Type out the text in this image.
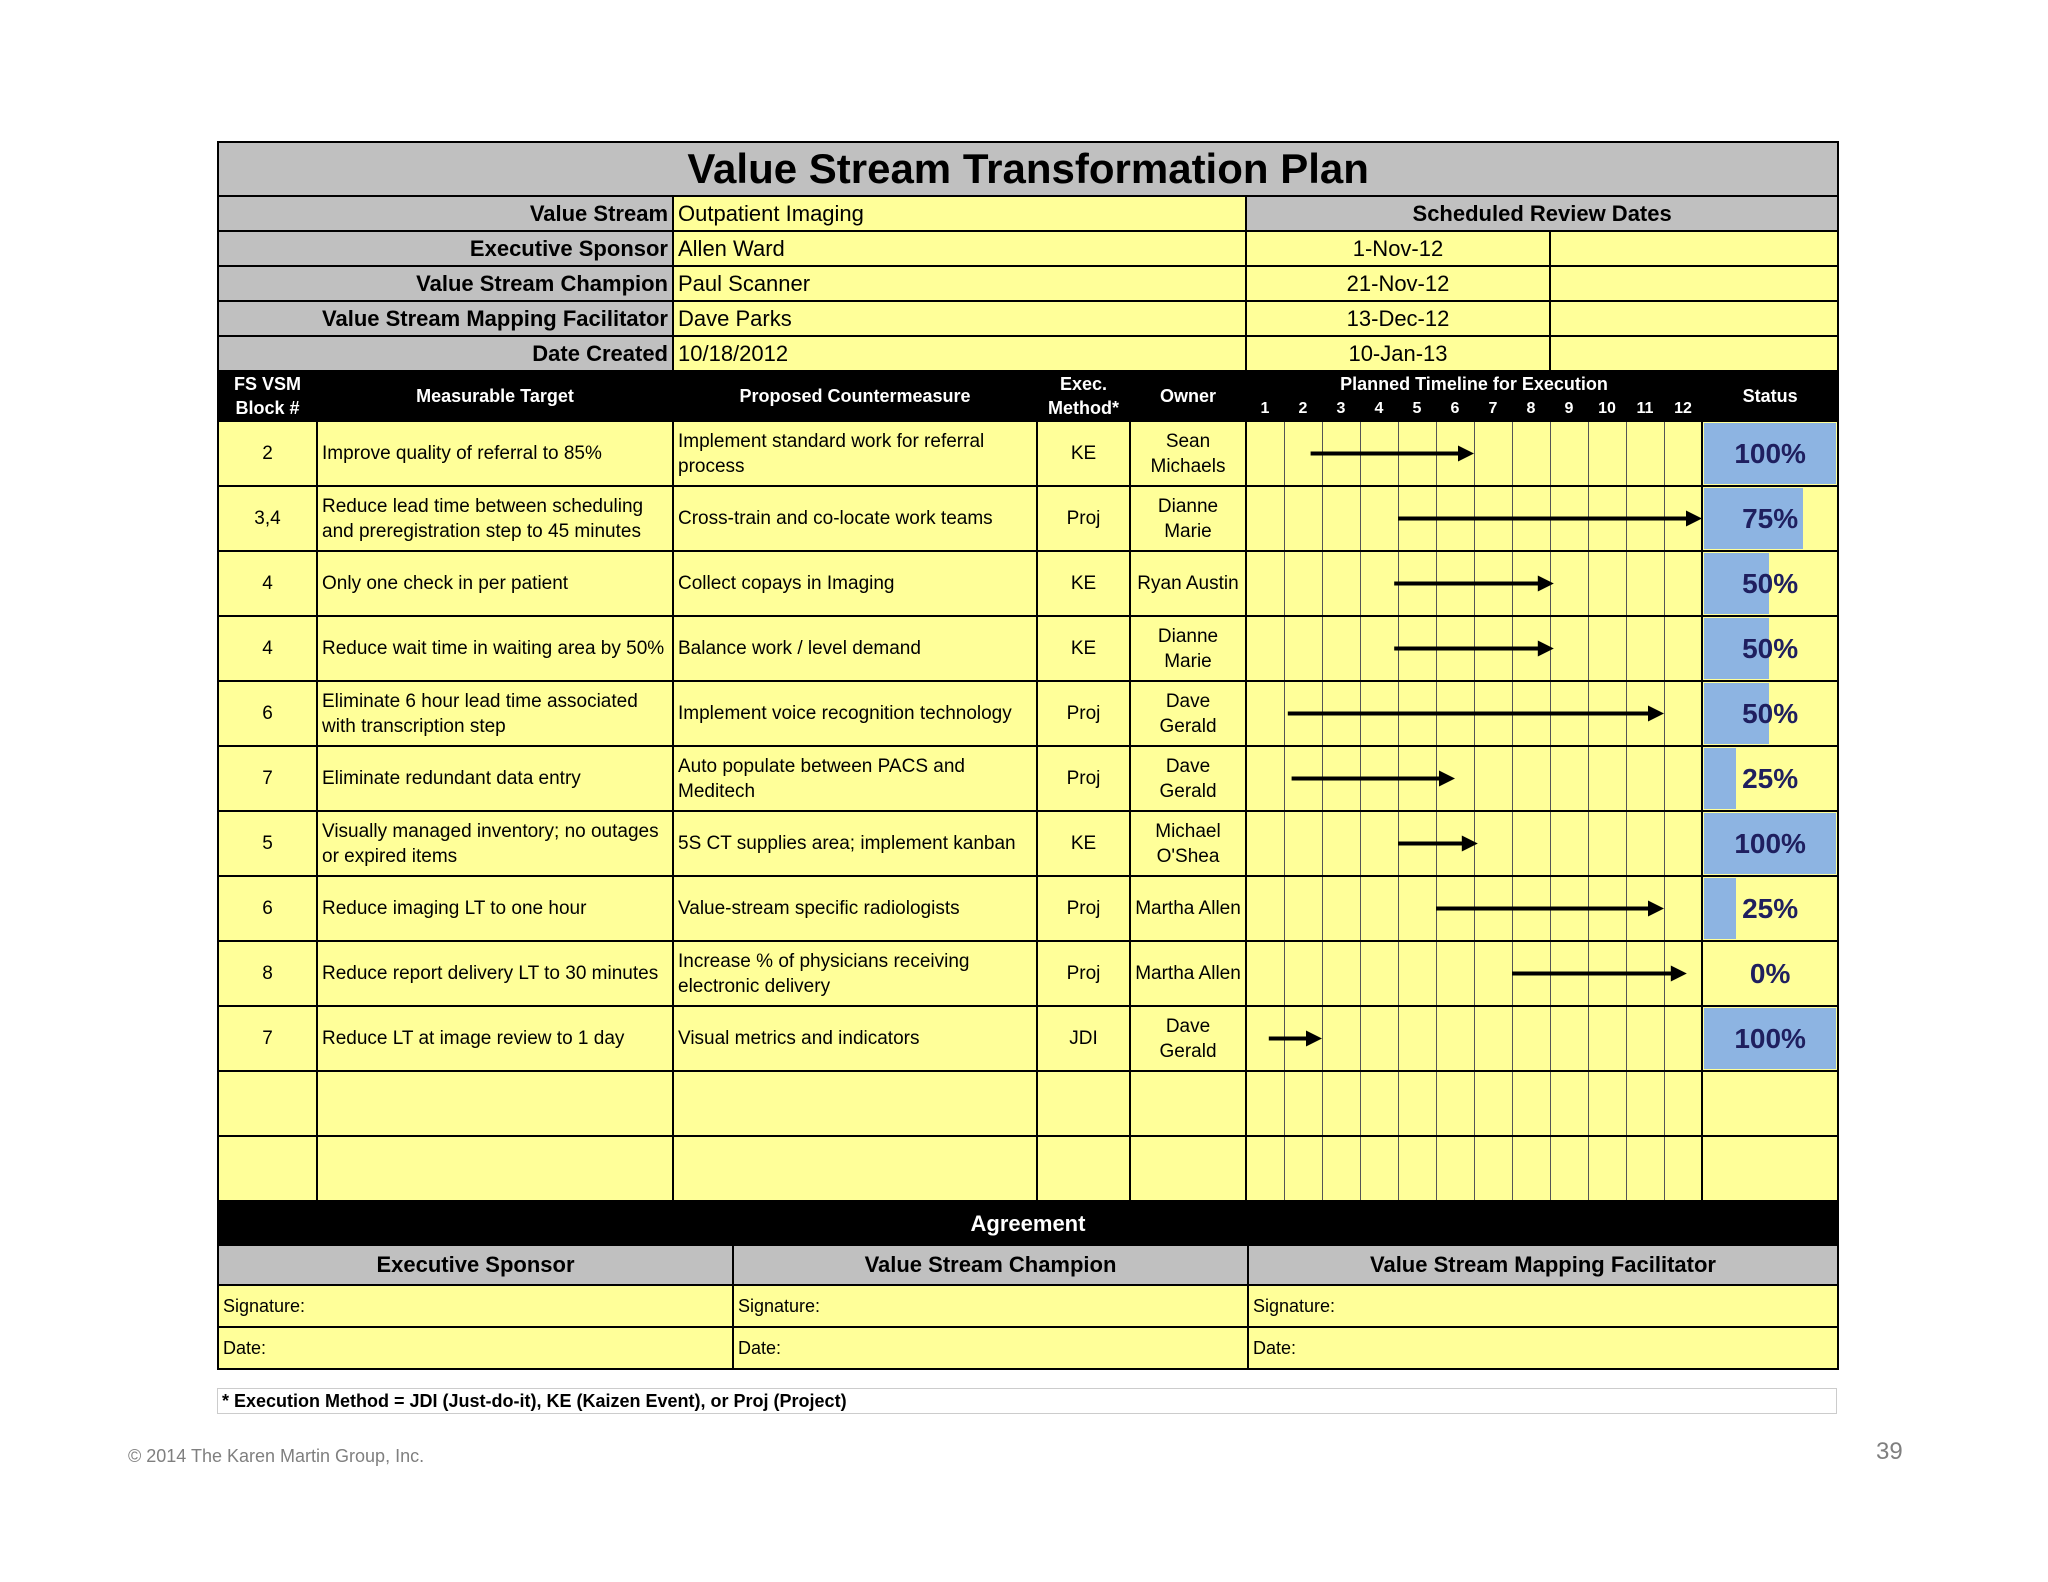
Value Stream Transformation Plan																	
Value Stream		Outpatient Imaging			Scheduled Review Dates												
Executive Sponsor		Allen Ward			1-Nov-12												
Value Stream Champion		Paul Scanner			21-Nov-12												
Value Stream Mapping Facilitator		Dave Parks			13-Dec-12												
Date Created		10/18/2012			10-Jan-13												
FS VSM Block #	Measurable Target	Proposed Countermeasure	Exec. Method*	Owner	Planned Timeline for Execution												Status
					1	2	3	4	5	6	7	8	9	10	11	12	
2	Improve quality of referral to 85%	Implement standard work for referral process	KE	Sean Michaels													100%

3,4	Reduce lead time between scheduling and preregistration step to 45 minutes	Cross-train and co-locate work teams	Proj	Dianne Marie													75%

4	Only one check in per patient	Collect copays in Imaging	KE	Ryan Austin													50%

4	Reduce wait time in waiting area by 50%	Balance work / level demand	KE	Dianne Marie													50%

6	Eliminate 6 hour lead time associated with transcription step	Implement voice recognition technology	Proj	Dave Gerald													50%

7	Eliminate redundant data entry	Auto populate between PACS and Meditech	Proj	Dave Gerald													25%

5	Visually managed inventory; no outages or expired items	5S CT supplies area; implement kanban	KE	Michael O'Shea													100%

6	Reduce imaging LT to one hour	Value-stream specific radiologists	Proj	Martha Allen													25%

8	Reduce report delivery LT to 30 minutes	Increase % of physicians receiving electronic delivery	Proj	Martha Allen													0%

7	Reduce LT at image review to 1 day	Visual metrics and indicators	JDI	Dave Gerald													100%

Agreement		
Executive Sponsor	Value Stream Champion	Value Stream Mapping Facilitator
Signature:	Signature:	Signature:
Date:	Date:	Date:
* Execution Method = JDI (Just-do-it), KE (Kaizen Event), or Proj (Project)
© 2014 The Karen Martin Group, Inc.	39
